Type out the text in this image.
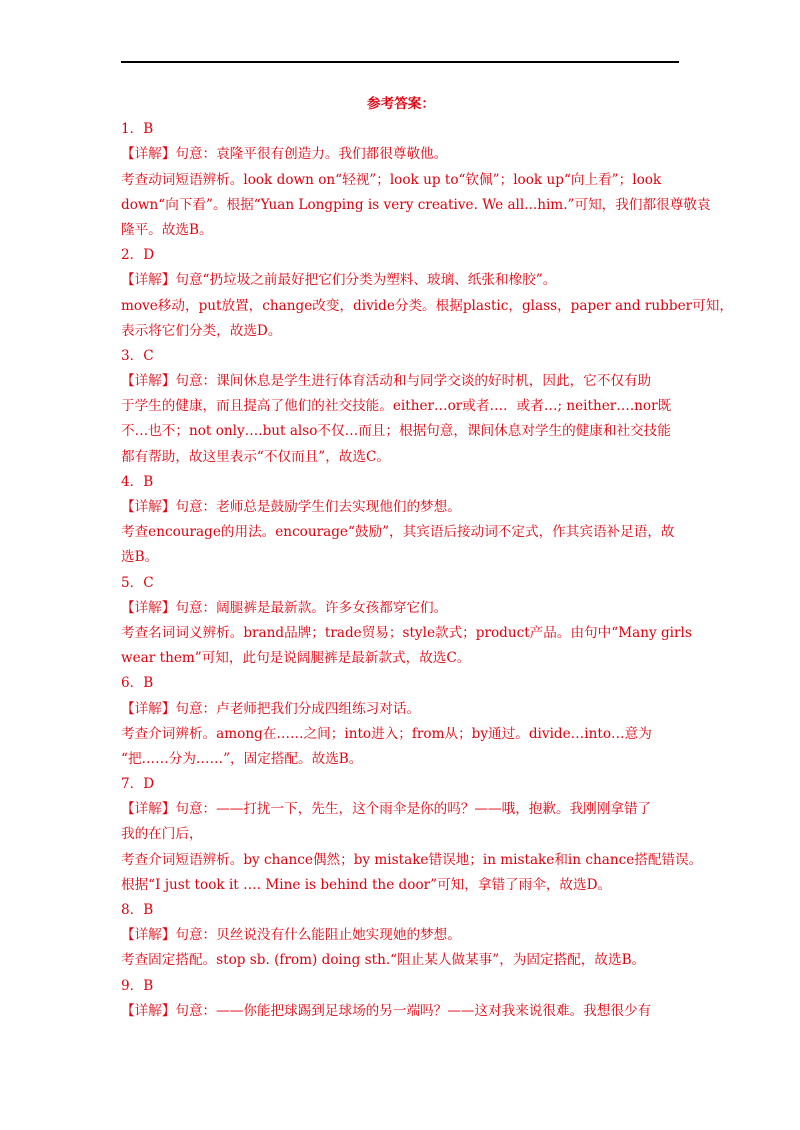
参考答案：
1．B
【详解】句意：袁隆平很有创造力。我们都很尊敬他。
考查动词短语辨析。look down on“轻视”；look up to“钦佩”；look up“向上看”；look
down“向下看”。根据“Yuan Longping is very creative. We all...him.”可知，我们都很尊敬袁
隆平。故选B。
2．D
【详解】句意“扔垃圾之前最好把它们分类为塑料、玻璃、纸张和橡胶”。
move移动，put放置，change改变，divide分类。根据plastic，glass，paper and rubber可知，
表示将它们分类，故选D。
3．C
【详解】句意：课间休息是学生进行体育活动和与同学交谈的好时机，因此，它不仅有助
于学生的健康，而且提高了他们的社交技能。either…or或者…．或者…; neither….nor既
不…也不；not only….but also不仅…而且；根据句意，课间休息对学生的健康和社交技能
都有帮助，故这里表示“不仅而且”，故选C。
4．B
【详解】句意：老师总是鼓励学生们去实现他们的梦想。
考查encourage的用法。encourage“鼓励”，其宾语后接动词不定式，作其宾语补足语，故
选B。
5．C
【详解】句意：阔腿裤是最新款。许多女孩都穿它们。
考查名词词义辨析。brand品牌；trade贸易；style款式；product产品。由句中“Many girls
wear them”可知，此句是说阔腿裤是最新款式，故选C。
6．B
【详解】句意：卢老师把我们分成四组练习对话。
考查介词辨析。among在……之间；into进入；from从；by通过。divide…into…意为
“把……分为……”，固定搭配。故选B。
7．D
【详解】句意：——打扰一下，先生，这个雨伞是你的吗？——哦，抱歉。我刚刚拿错了
我的在门后，
考查介词短语辨析。by chance偶然；by mistake错误地；in mistake和in chance搭配错误。
根据“I just took it …. Mine is behind the door”可知，拿错了雨伞，故选D。
8．B
【详解】句意：贝丝说没有什么能阻止她实现她的梦想。
考查固定搭配。stop sb. (from) doing sth.“阻止某人做某事”，为固定搭配，故选B。
9．B
【详解】句意：——你能把球踢到足球场的另一端吗？——这对我来说很难。我想很少有
